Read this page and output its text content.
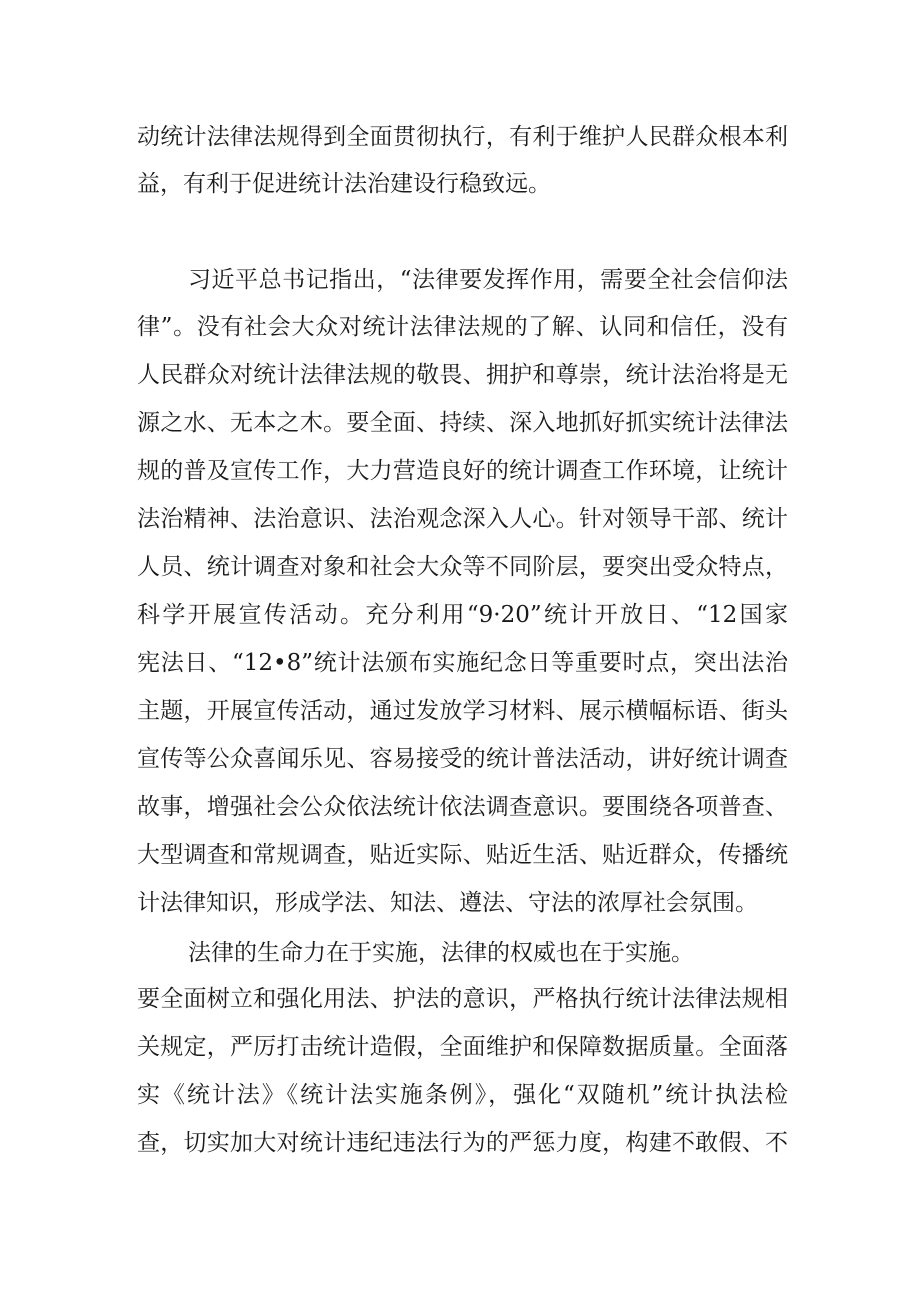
动统计法律法规得到全面贯彻执行，有利于维护人民群众根本利
益，有利于促进统计法治建设行稳致远。
习近平总书记指出，“法律要发挥作用，需要全社会信仰法
律”。没有社会大众对统计法律法规的了解、认同和信任，没有
人民群众对统计法律法规的敬畏、拥护和尊崇，统计法治将是无
源之水、无本之木。要全面、持续、深入地抓好抓实统计法律法
规的普及宣传工作，大力营造良好的统计调查工作环境，让统计
法治精神、法治意识、法治观念深入人心。针对领导干部、统计
人员、统计调查对象和社会大众等不同阶层，要突出受众特点，
科学开展宣传活动。充分利用“9·20”统计开放日、“12国家
宪法日、“12•8”统计法颁布实施纪念日等重要时点，突出法治
主题，开展宣传活动，通过发放学习材料、展示横幅标语、街头
宣传等公众喜闻乐见、容易接受的统计普法活动，讲好统计调查
故事，增强社会公众依法统计依法调查意识。要围绕各项普查、
大型调查和常规调查，贴近实际、贴近生活、贴近群众，传播统
计法律知识，形成学法、知法、遵法、守法的浓厚社会氛围。
法律的生命力在于实施，法律的权威也在于实施。
要全面树立和强化用法、护法的意识，严格执行统计法律法规相
关规定，严厉打击统计造假，全面维护和保障数据质量。全面落
实《统计法》《统计法实施条例》，强化“双随机”统计执法检
查，切实加大对统计违纪违法行为的严惩力度，构建不敢假、不
